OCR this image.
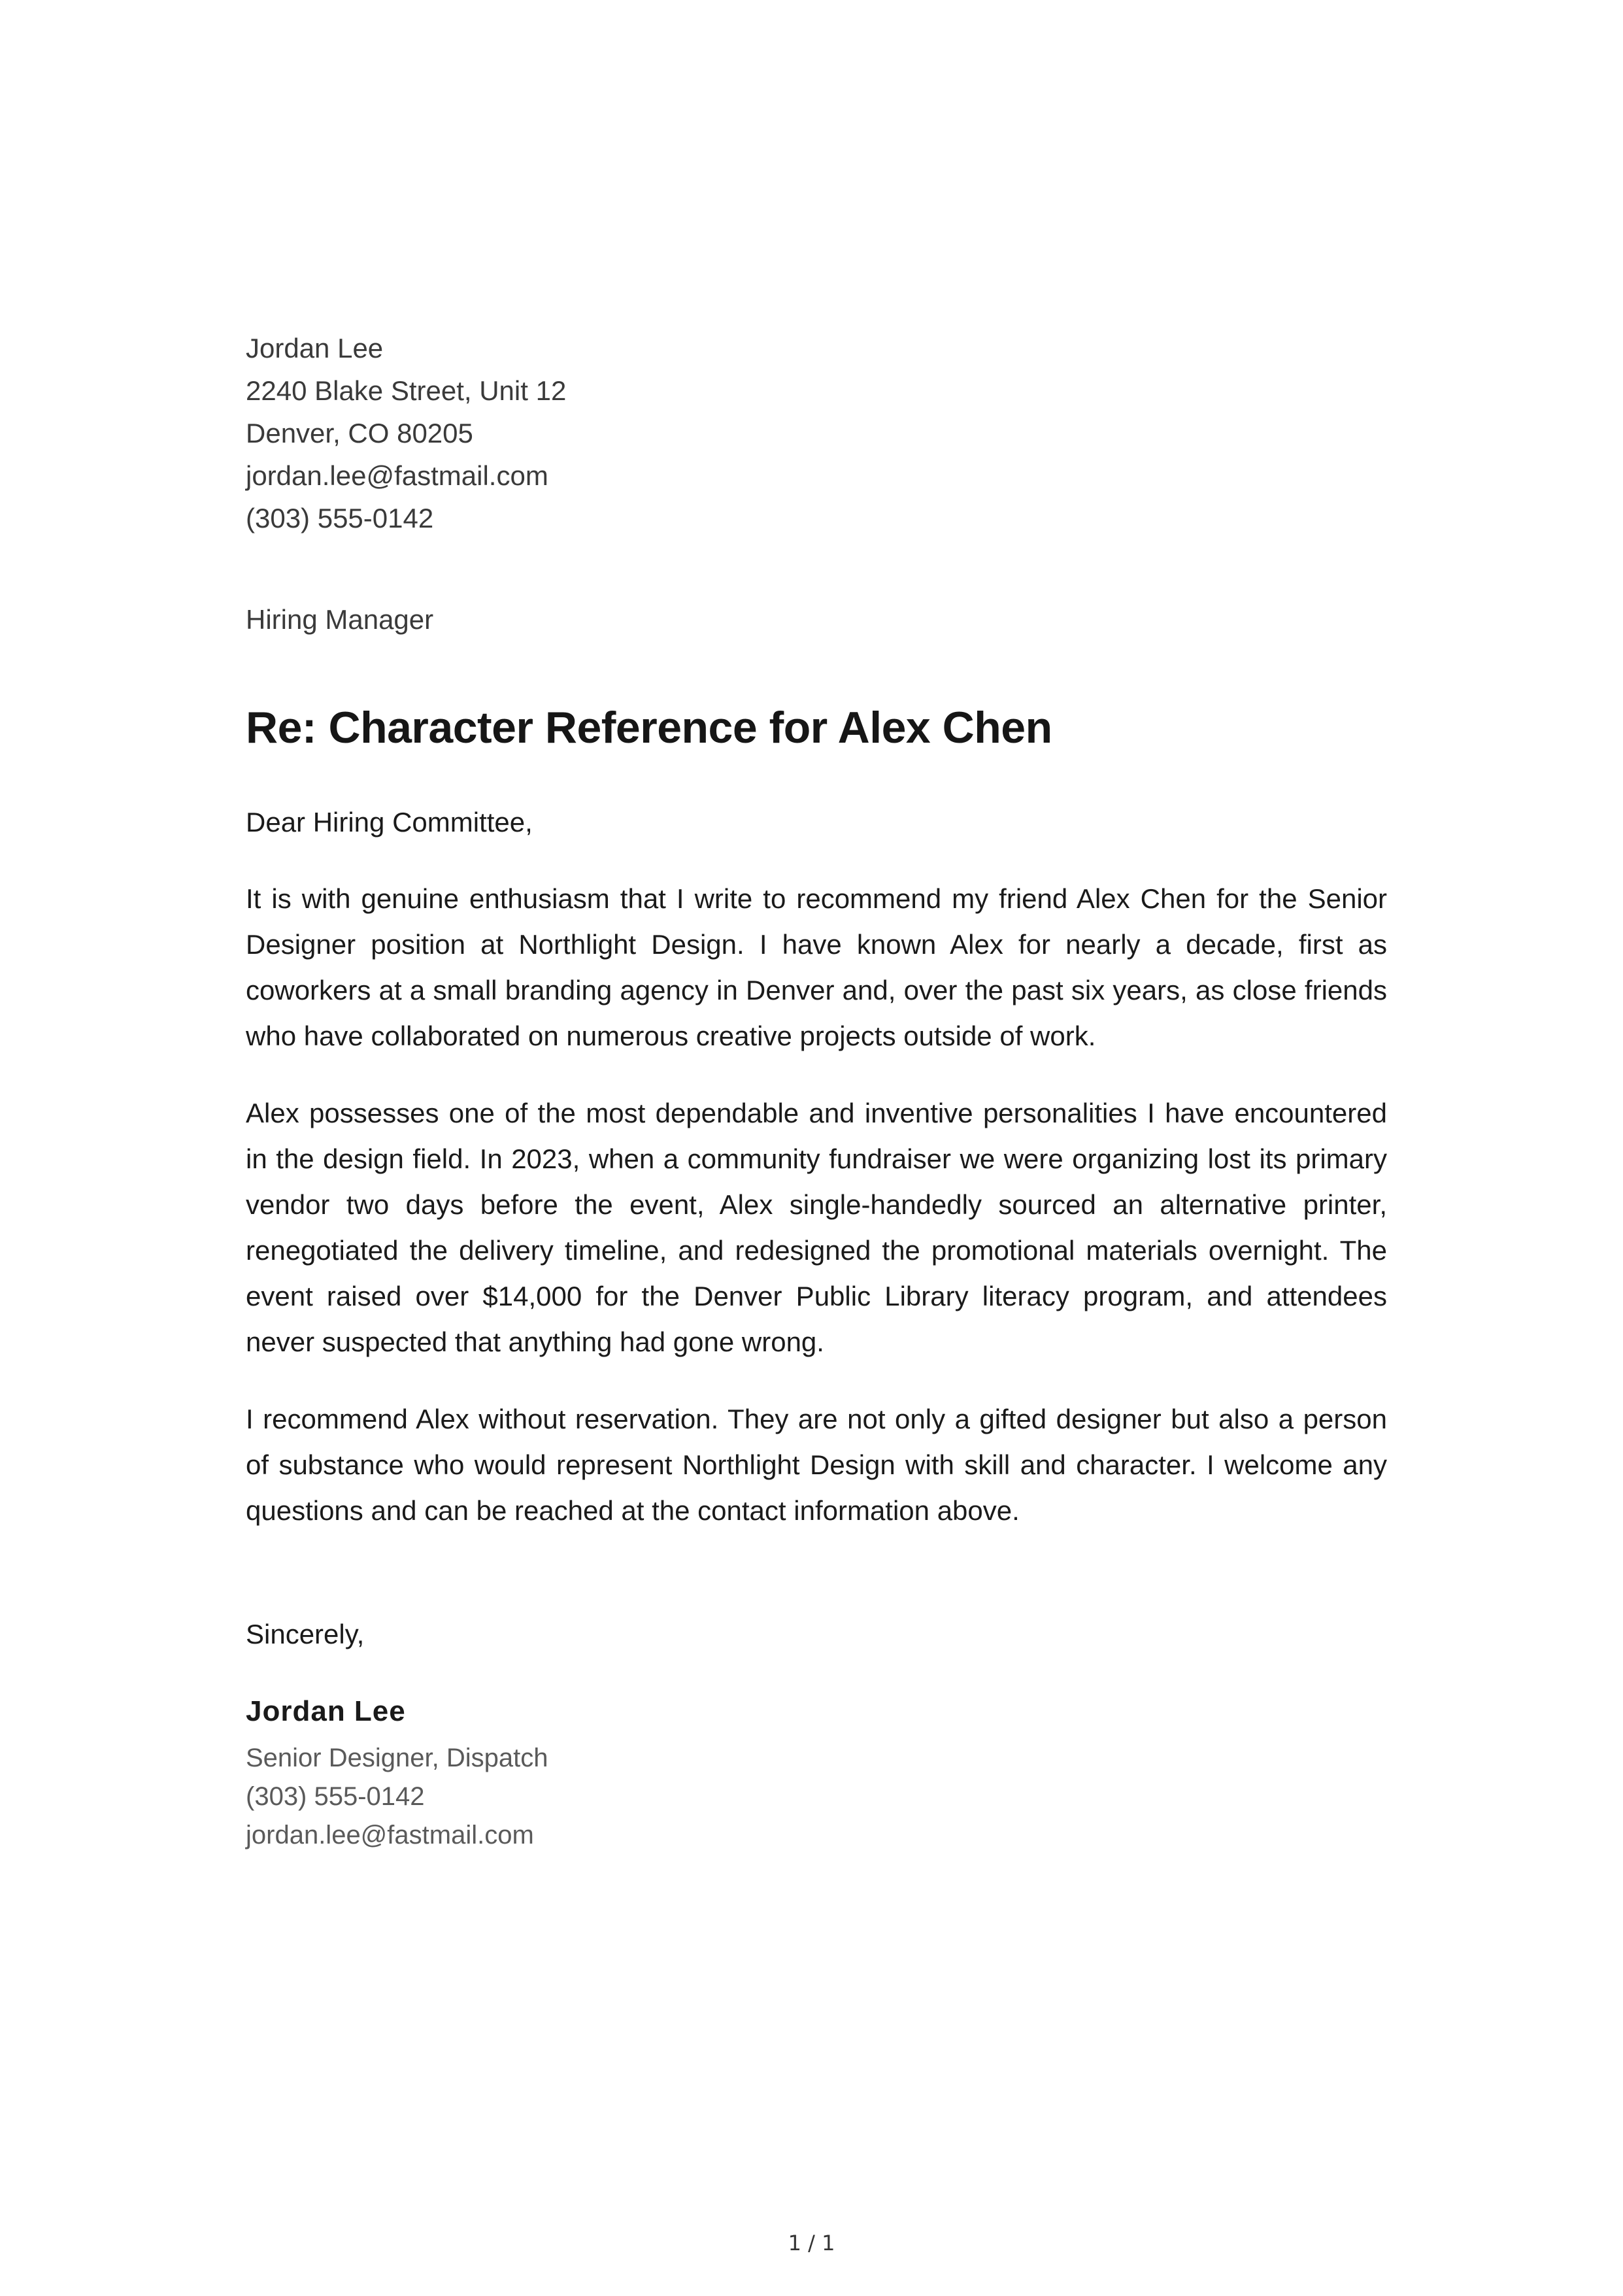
Jordan Lee
2240 Blake Street, Unit 12
Denver, CO 80205
jordan.lee@fastmail.com
(303) 555-0142
Hiring Manager
Re: Character Reference for Alex Chen
Dear Hiring Committee,

It is with genuine enthusiasm that I write to recommend my friend Alex Chen for the Senior Designer position at Northlight Design. I have known Alex for nearly a decade, first as coworkers at a small branding agency in Denver and, over the past six years, as close friends who have collaborated on numerous creative projects outside of work.

Alex possesses one of the most dependable and inventive personalities I have encountered in the design field. In 2023, when a community fundraiser we were organizing lost its primary vendor two days before the event, Alex single-handedly sourced an alternative printer, renegotiated the delivery timeline, and redesigned the promotional materials overnight. The event raised over $14,000 for the Denver Public Library literacy program, and attendees never suspected that anything had gone wrong.

I recommend Alex without reservation. They are not only a gifted designer but also a person of substance who would represent Northlight Design with skill and character. I welcome any questions and can be reached at the contact information above.

Sincerely,
Jordan Lee
Senior Designer, Dispatch
(303) 555-0142
jordan.lee@fastmail.com
1 / 1
